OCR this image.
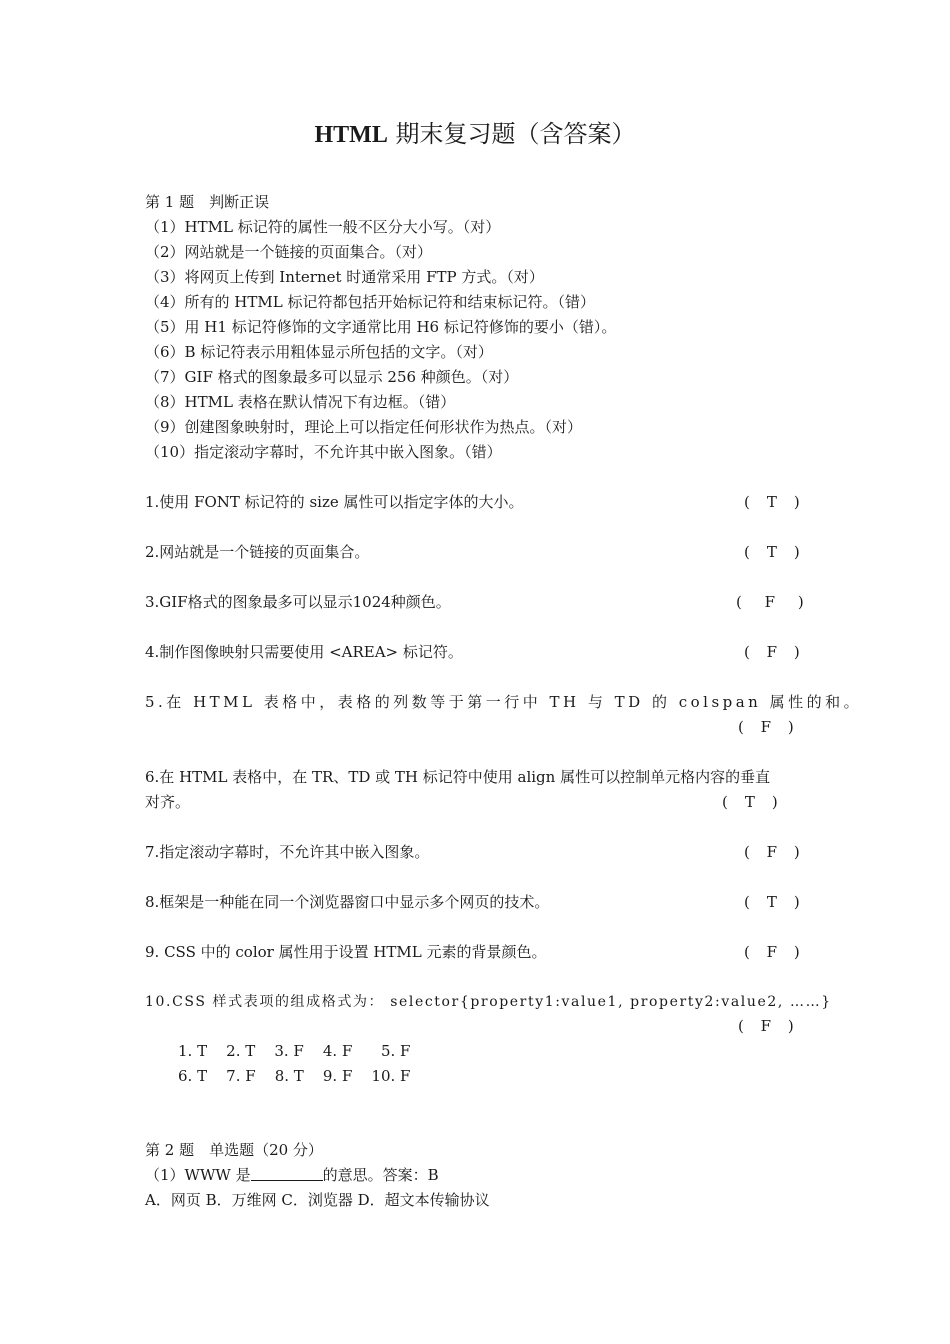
HTML 期末复习题（含答案）
第 1 题　判断正误
（1）HTML 标记符的属性一般不区分大小写。（对）
（2）网站就是一个链接的页面集合。（对）
（3）将网页上传到 Internet 时通常采用 FTP 方式。（对）
（4）所有的 HTML 标记符都包括开始标记符和结束标记符。（错）
（5）用 H1 标记符修饰的文字通常比用 H6 标记符修饰的要小（错）。
（6）B 标记符表示用粗体显示所包括的文字。（对）
（7）GIF 格式的图象最多可以显示 256 种颜色。（对）
（8）HTML 表格在默认情况下有边框。（错）
（9）创建图象映射时，理论上可以指定任何形状作为热点。（对）
（10）指定滚动字幕时，不允许其中嵌入图象。（错）
1.使用 FONT 标记符的 size 属性可以指定字体的大小。	( T )
2.网站就是一个链接的页面集合。	( T )
3.GIF格式的图象最多可以显示1024种颜色。	( F )
4.制作图像映射只需要使用 <AREA> 标记符。	( F )
5.在 HTML 表格中，表格的列数等于第一行中 TH 与 TD 的 colspan 属性的和。
( F )
6.在 HTML 表格中，在 TR、TD 或 TH 标记符中使用 align 属性可以控制单元格内容的垂直
对齐。	( T )
7.指定滚动字幕时，不允许其中嵌入图象。	( F )
8.框架是一种能在同一个浏览器窗口中显示多个网页的技术。	( T )
9. CSS 中的 color 属性用于设置 HTML 元素的背景颜色。	( F )
10.CSS 样式表项的组成格式为： selector{property1:value1, property2:value2, ……}
( F )
1. T    2. T    3. F    4. F      5. F
6. T    7. F    8. T    9. F    10. F
第 2 题　单选题（20 分）
（1）WWW 是	的意思。答案：B
A．网页 B．万维网 C．浏览器 D．超文本传输协议
